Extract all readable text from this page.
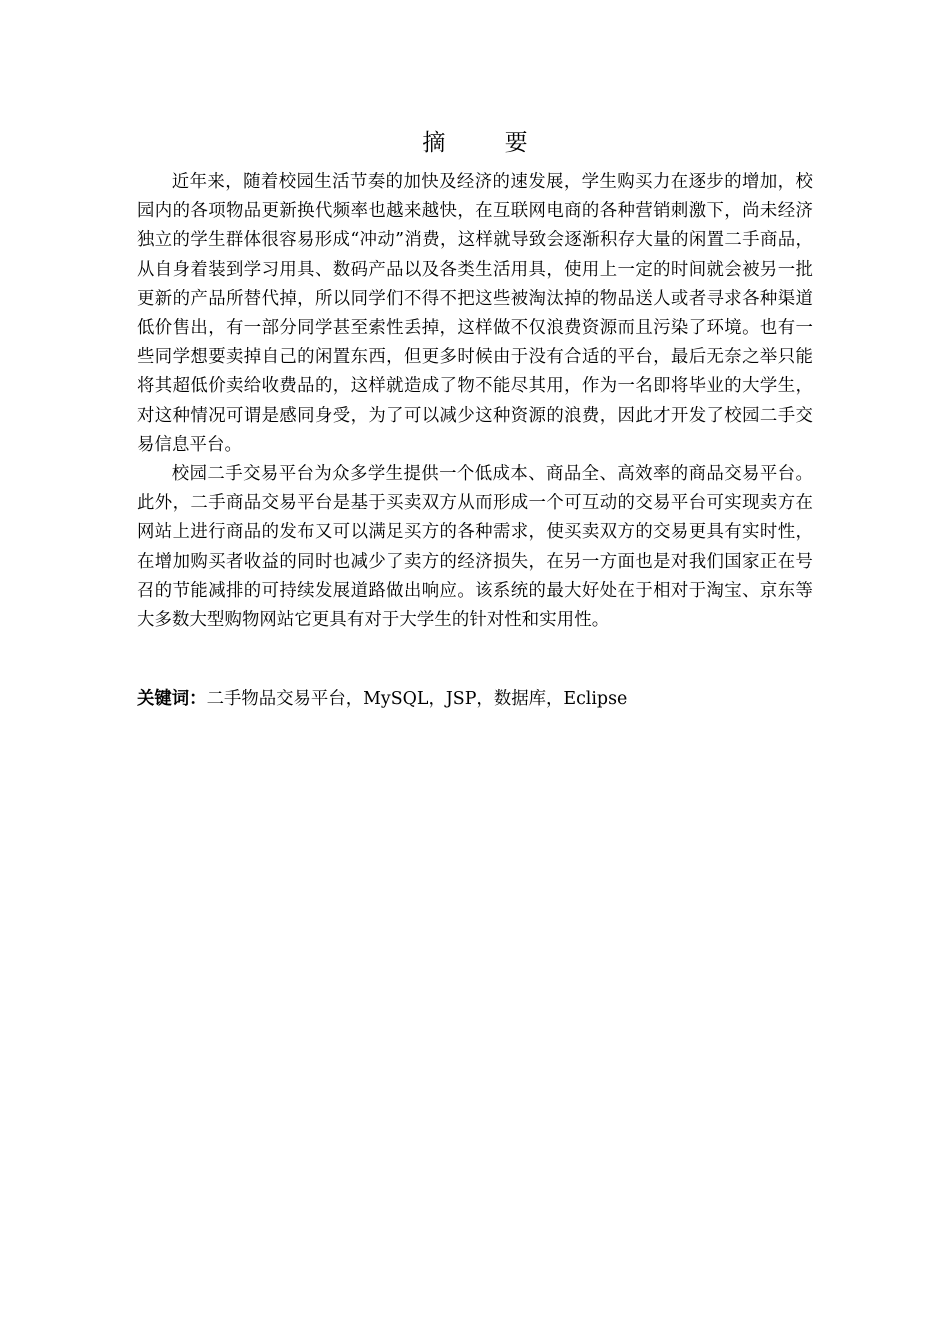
摘 要

近年来，随着校园生活节奏的加快及经济的速发展，学生购买力在逐步的增加，校园内的各项物品更新换代频率也越来越快，在互联网电商的各种营销刺激下，尚未经济独立的学生群体很容易形成“冲动”消费，这样就导致会逐渐积存大量的闲置二手商品，从自身着装到学习用具、数码产品以及各类生活用具，使用上一定的时间就会被另一批更新的产品所替代掉，所以同学们不得不把这些被淘汰掉的物品送人或者寻求各种渠道低价售出，有一部分同学甚至索性丢掉，这样做不仅浪费资源而且污染了环境。也有一些同学想要卖掉自己的闲置东西，但更多时候由于没有合适的平台，最后无奈之举只能将其超低价卖给收费品的，这样就造成了物不能尽其用，作为一名即将毕业的大学生，对这种情况可谓是感同身受，为了可以减少这种资源的浪费，因此才开发了校园二手交易信息平台。

校园二手交易平台为众多学生提供一个低成本、商品全、高效率的商品交易平台。此外，二手商品交易平台是基于买卖双方从而形成一个可互动的交易平台可实现卖方在网站上进行商品的发布又可以满足买方的各种需求，使买卖双方的交易更具有实时性，在增加购买者收益的同时也减少了卖方的经济损失，在另一方面也是对我们国家正在号召的节能减排的可持续发展道路做出响应。该系统的最大好处在于相对于淘宝、京东等大多数大型购物网站它更具有对于大学生的针对性和实用性。

关键词：二手物品交易平台，MySQL，JSP，数据库，Eclipse
